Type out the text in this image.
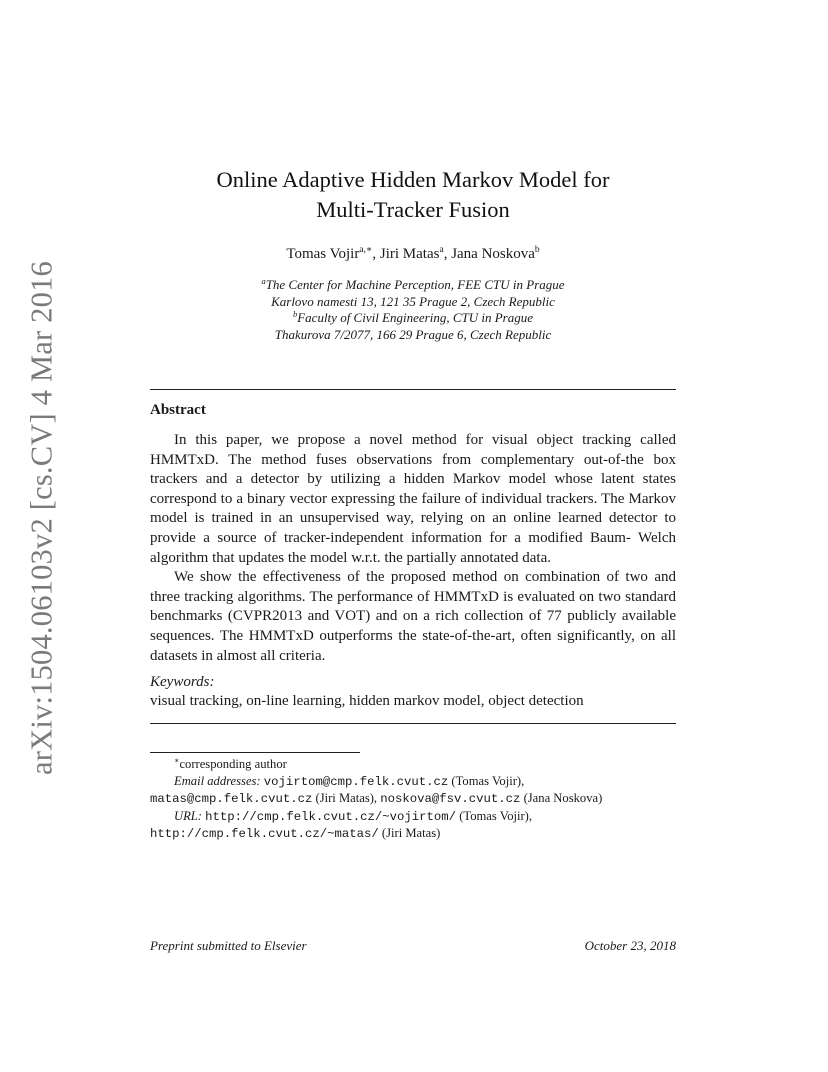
arXiv:1504.06103v2 [cs.CV] 4 Mar 2016
Online Adaptive Hidden Markov Model for
Multi-Tracker Fusion
Tomas Vojir$^{a,∗}$, Jiri Matas$^a$, Jana Noskova$^b$
$^a$The Center for Machine Perception, FEE CTU in Prague
Karlovo namesti 13, 121 35 Prague 2, Czech Republic
$^b$Faculty of Civil Engineering, CTU in Prague
Thakurova 7/2077, 166 29 Prague 6, Czech Republic
Abstract

In this paper, we propose a novel method for visual object tracking called HMMTxD. The method fuses observations from complementary out-of-the box trackers and a detector by utilizing a hidden Markov model whose latent states correspond to a binary vector expressing the failure of individual trackers. The Markov model is trained in an unsupervised way, relying on an online learned detector to provide a source of tracker-independent information for a modified Baum- Welch algorithm that updates the model w.r.t. the partially annotated data.

We show the effectiveness of the proposed method on combination of two and three tracking algorithms. The performance of HMMTxD is evaluated on two standard benchmarks (CVPR2013 and VOT) and on a rich collection of 77 publicly available sequences. The HMMTxD outperforms the state-of-the-art, often significantly, on all datasets in almost all criteria.

Keywords:
visual tracking, on-line learning, hidden markov model, object detection
∗corresponding author
Email addresses: vojirtom@cmp.felk.cvut.cz (Tomas Vojir),
matas@cmp.felk.cvut.cz (Jiri Matas), noskova@fsv.cvut.cz (Jana Noskova)
URL: http://cmp.felk.cvut.cz/~vojirtom/ (Tomas Vojir),
http://cmp.felk.cvut.cz/~matas/ (Jiri Matas)
Preprint submitted to Elsevier	October 23, 2018
